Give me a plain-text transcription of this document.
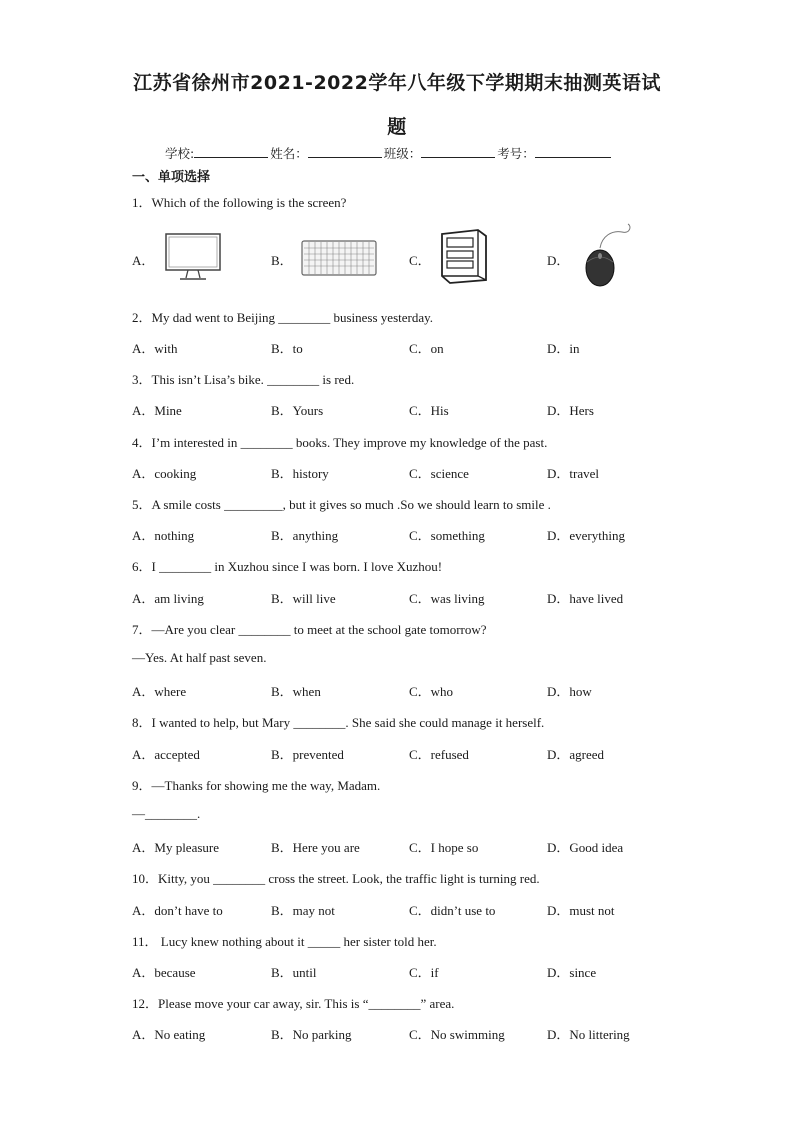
江苏省徐州市2021-2022学年八年级下学期期末抽测英语试
题
学校:	姓名：	班级：	考号：
一、单项选择
1．Which of the following is the screen?
A．	B．	C．	D．
2．My dad went to Beijing ________ business yesterday.
A．with	B．to	C．on	D．in
3．This isn’t Lisa’s bike. ________ is red.
A．Mine	B．Yours	C．His	D．Hers
4．I’m interested in ________ books. They improve my knowledge of the past.
A．cooking	B．history	C．science	D．travel
5．A smile costs _________, but it gives so much .So we should learn to smile .
A．nothing	B．anything	C．something	D．everything
6．I ________ in Xuzhou since I was born. I love Xuzhou!
A．am living	B．will live	C．was living	D．have lived
7．—Are you clear ________ to meet at the school gate tomorrow?
—Yes. At half past seven.
A．where	B．when	C．who	D．how
8．I wanted to help, but Mary ________. She said she could manage it herself.
A．accepted	B．prevented	C．refused	D．agreed
9．—Thanks for showing me the way, Madam.
—________.
A．My pleasure	B．Here you are	C．I hope so	D．Good idea
10．Kitty, you ________ cross the street. Look, the traffic light is turning red.
A．don’t have to	B．may not	C．didn’t use to	D．must not
11． Lucy knew nothing about it _____ her sister told her.
A．because	B．until	C．if	D．since
12．Please move your car away, sir. This is “________” area.
A．No eating	B．No parking	C．No swimming	D．No littering
